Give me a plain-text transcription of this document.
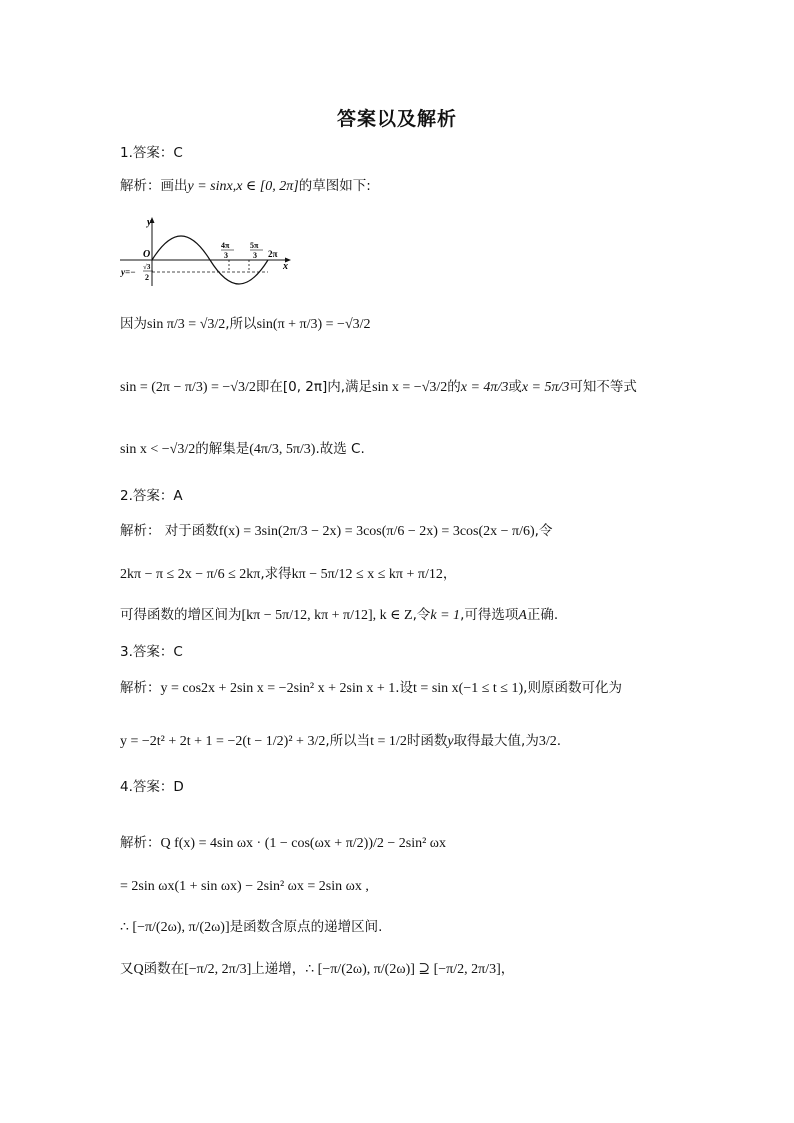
答案以及解析
1.答案：C
解析：画出y = sinx,x ∈ [0, 2π]的草图如下:
y
x
O
y=− √3
2
4π
3
5π
3 2π
因为sin π/3 = √3/2,所以sin(π + π/3) = −√3/2
sin = (2π − π/3) = −√3/2即在[0, 2π]内,满足sin x = −√3/2的x = 4π/3或x = 5π/3可知不等式
sin x < −√3/2的解集是(4π/3, 5π/3).故选 C.
2.答案：A
解析： 对于函数f(x) = 3sin(2π/3 − 2x) = 3cos(π/6 − 2x) = 3cos(2x − π/6),令
2kπ − π ≤ 2x − π/6 ≤ 2kπ,求得kπ − 5π/12 ≤ x ≤ kπ + π/12，
可得函数的增区间为[kπ − 5π/12, kπ + π/12], k ∈ Z,令k = 1,可得选项A正确.
3.答案：C
解析：y = cos2x + 2sin x = −2sin² x + 2sin x + 1.设t = sin x(−1 ≤ t ≤ 1),则原函数可化为
y = −2t² + 2t + 1 = −2(t − 1/2)² + 3/2,所以当t = 1/2时函数y取得最大值,为3/2.
4.答案：D
解析：Q f(x) = 4sin ωx · (1 − cos(ωx + π/2))/2 − 2sin² ωx
= 2sin ωx(1 + sin ωx) − 2sin² ωx = 2sin ωx ,
∴ [−π/(2ω), π/(2ω)]是函数含原点的递增区间.
又Q函数在[−π/2, 2π/3]上递增，∴ [−π/(2ω), π/(2ω)] ⊇ [−π/2, 2π/3]，
